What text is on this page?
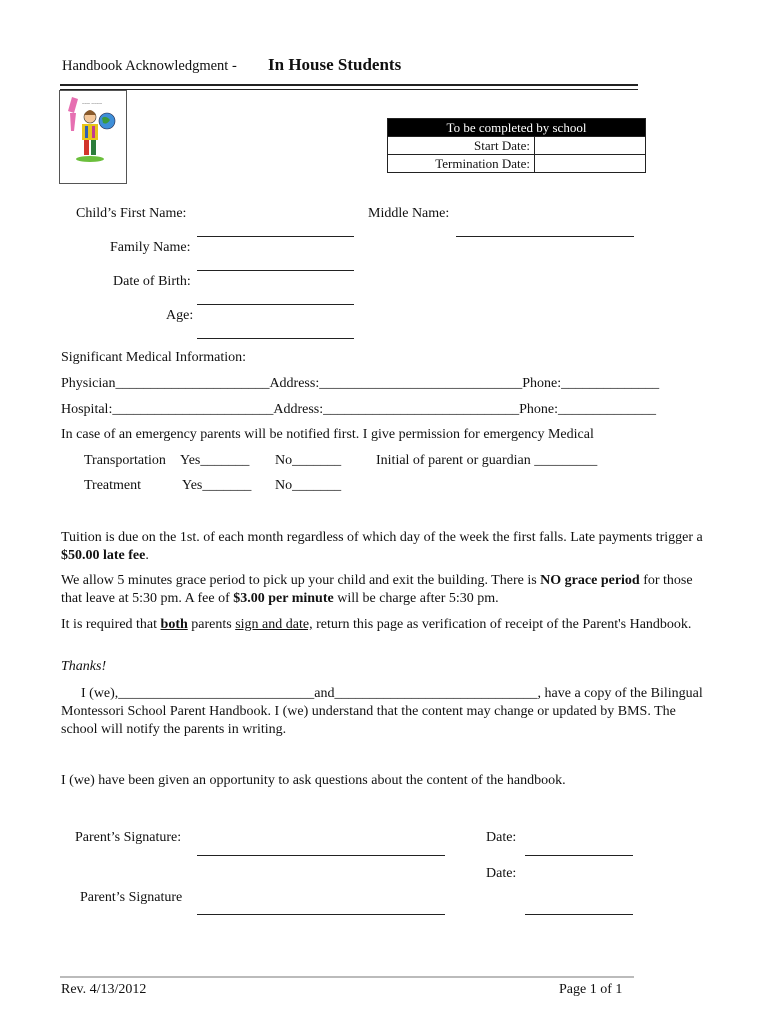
Handbook Acknowledgment - In House Students
~~~ ~~~~
To be completed by school
Start Date:
Termination Date:
Child’s First Name:	Middle Name:
Family Name:
Date of Birth:
Age:
Significant Medical Information:
Physician______________________Address:_____________________________Phone:______________
Hospital:_______________________Address:____________________________Phone:______________
In case of an emergency parents will be notified first. I give permission for emergency Medical
Transportation Yes_______ No_______ Initial of parent or guardian _________
Treatment	Yes_______ No_______
Tuition is due on the 1st. of each month regardless of which day of the week the first falls. Late payments trigger a $50.00 late fee.
We allow 5 minutes grace period to pick up your child and exit the building. There is NO grace period for those that leave at 5:30 pm. A fee of $3.00 per minute will be charge after 5:30 pm.
It is required that both parents sign and date, return this page as verification of receipt of the Parent's Handbook.
Thanks!
I (we),____________________________and_____________________________, have a copy of the Bilingual Montessori School Parent Handbook. I (we) understand that the content may change or updated by BMS. The school will notify the parents in writing.
I (we) have been given an opportunity to ask questions about the content of the handbook.
Parent’s Signature:	Date:
Date:
Parent’s Signature
Rev. 4/13/2012	Page 1 of 1
